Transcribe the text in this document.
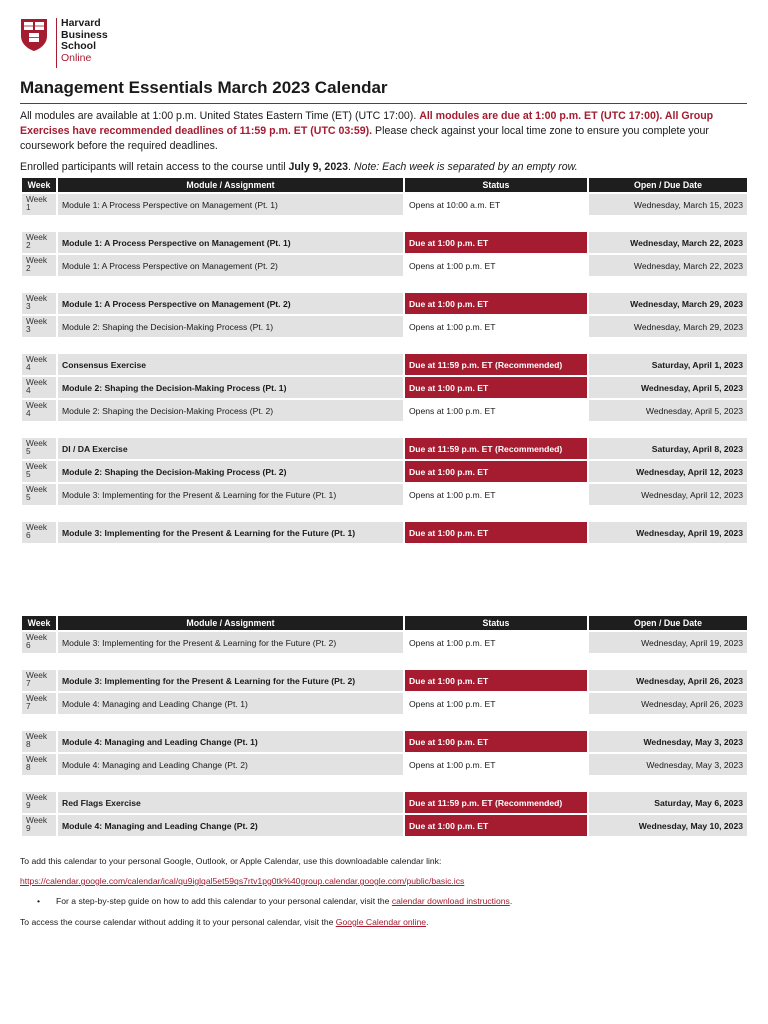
Harvard
Business
School
Online
Management Essentials March 2023 Calendar
All modules are available at 1:00 p.m. United States Eastern Time (ET) (UTC 17:00). All modules are due at 1:00 p.m. ET (UTC 17:00). All Group Exercises have recommended deadlines of 11:59 p.m. ET (UTC 03:59). Please check against your local time zone to ensure you complete your coursework before the required deadlines.
Enrolled participants will retain access to the course until July 9, 2023. Note: Each week is separated by an empty row.
Week	Module / Assignment	Status	Open / Due Date
Week 1	Module 1: A Process Perspective on Management (Pt. 1)	Opens at 10:00 a.m. ET	Wednesday, March 15, 2023

Week 2	Module 1: A Process Perspective on Management (Pt. 1)	Due at 1:00 p.m. ET	Wednesday, March 22, 2023
Week 2	Module 1: A Process Perspective on Management (Pt. 2)	Opens at 1:00 p.m. ET	Wednesday, March 22, 2023

Week 3	Module 1: A Process Perspective on Management (Pt. 2)	Due at 1:00 p.m. ET	Wednesday, March 29, 2023
Week 3	Module 2: Shaping the Decision-Making Process (Pt. 1)	Opens at 1:00 p.m. ET	Wednesday, March 29, 2023

Week 4	Consensus Exercise	Due at 11:59 p.m. ET (Recommended)	Saturday, April 1, 2023
Week 4	Module 2: Shaping the Decision-Making Process (Pt. 1)	Due at 1:00 p.m. ET	Wednesday, April 5, 2023
Week 4	Module 2: Shaping the Decision-Making Process (Pt. 2)	Opens at 1:00 p.m. ET	Wednesday, April 5, 2023

Week 5	DI / DA Exercise	Due at 11:59 p.m. ET (Recommended)	Saturday, April 8, 2023
Week 5	Module 2: Shaping the Decision-Making Process (Pt. 2)	Due at 1:00 p.m. ET	Wednesday, April 12, 2023
Week 5	Module 3: Implementing for the Present & Learning for the Future (Pt. 1)	Opens at 1:00 p.m. ET	Wednesday, April 12, 2023

Week 6	Module 3: Implementing for the Present & Learning for the Future (Pt. 1)	Due at 1:00 p.m. ET	Wednesday, April 19, 2023
Week	Module / Assignment	Status	Open / Due Date
Week 6	Module 3: Implementing for the Present & Learning for the Future (Pt. 2)	Opens at 1:00 p.m. ET	Wednesday, April 19, 2023

Week 7	Module 3: Implementing for the Present & Learning for the Future (Pt. 2)	Due at 1:00 p.m. ET	Wednesday, April 26, 2023
Week 7	Module 4: Managing and Leading Change (Pt. 1)	Opens at 1:00 p.m. ET	Wednesday, April 26, 2023

Week 8	Module 4: Managing and Leading Change (Pt. 1)	Due at 1:00 p.m. ET	Wednesday, May 3, 2023
Week 8	Module 4: Managing and Leading Change (Pt. 2)	Opens at 1:00 p.m. ET	Wednesday, May 3, 2023

Week 9	Red Flags Exercise	Due at 11:59 p.m. ET (Recommended)	Saturday, May 6, 2023
Week 9	Module 4: Managing and Leading Change (Pt. 2)	Due at 1:00 p.m. ET	Wednesday, May 10, 2023
To add this calendar to your personal Google, Outlook, or Apple Calendar, use this downloadable calendar link:
https://calendar.google.com/calendar/ical/qu9iglqal5et59qs7rtv1pg0tk%40group.calendar.google.com/public/basic.ics
• For a step-by-step guide on how to add this calendar to your personal calendar, visit the calendar download instructions.
To access the course calendar without adding it to your personal calendar, visit the Google Calendar online.
